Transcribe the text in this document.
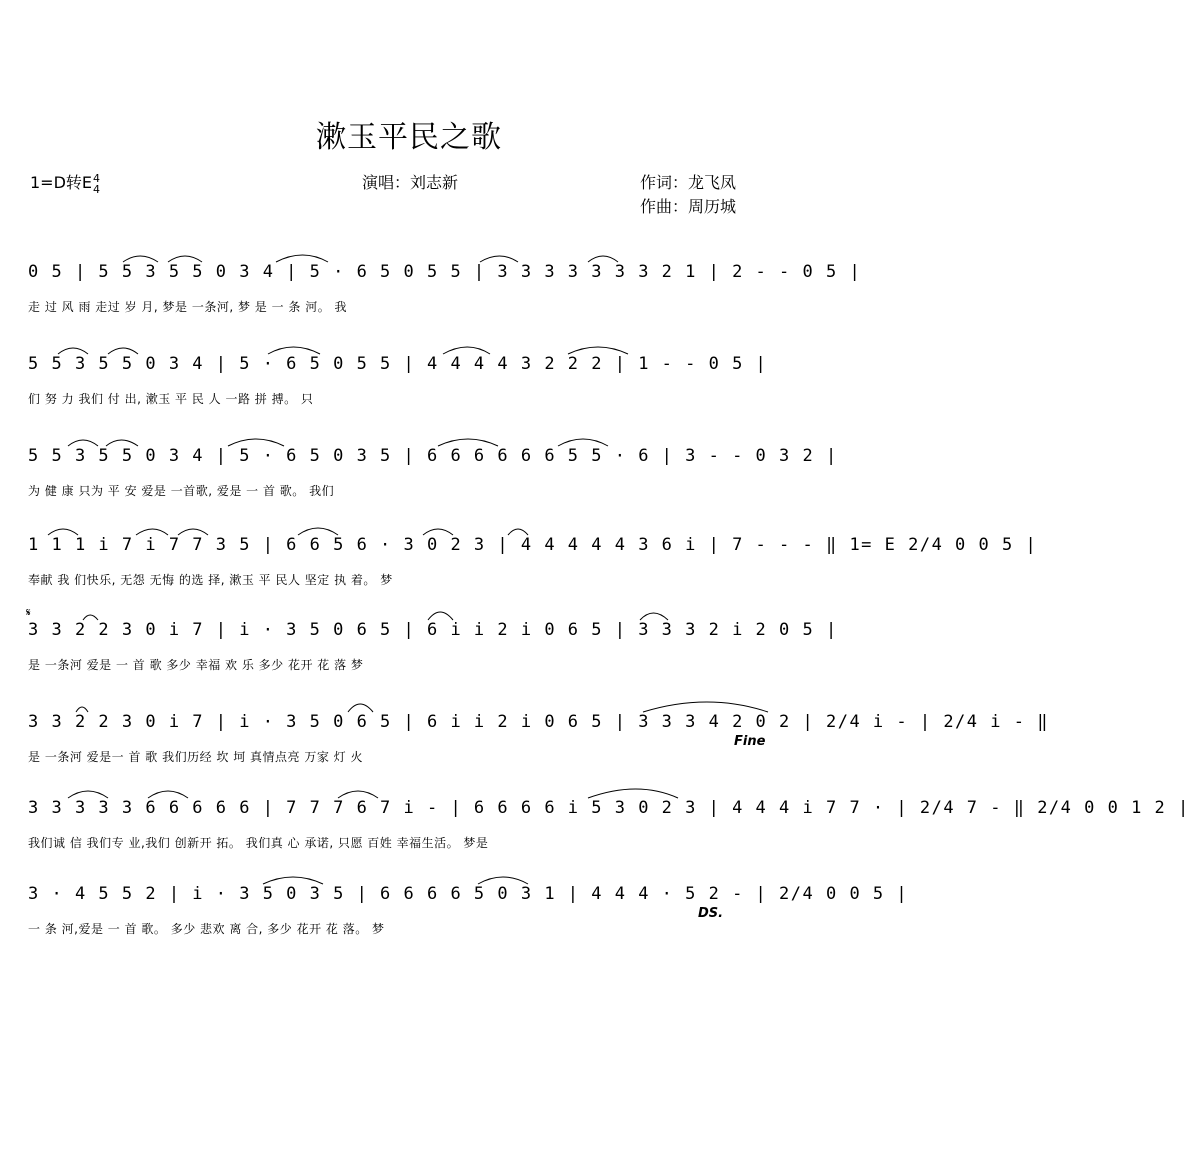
漱玉平民之歌
1=D转E 4
4	演唱：刘志新	作词：龙飞凤
作曲：周历城
0 5 | 5 5 3 5 5 0 3 4 | 5 · 6 5 0 5 5 | 3 3 3 3 3 3 3 2 1 | 2 - - 0 5 |
走 过 风 雨 走过 岁 月, 梦是 一条河, 梦 是 一 条 河。 我
5 5 3 5 5 0 3 4 | 5 · 6 5 0 5 5 | 4 4 4 4 3 2 2 2 | 1 - - 0 5 |
们 努 力 我们 付 出, 漱玉 平 民 人 一路 拼 搏。 只
5 5 3 5 5 0 3 4 | 5 · 6 5 0 3 5 | 6 6 6 6 6 6 5 5 · 6 | 3 - - 0 3 2 |
为 健 康 只为 平 安 爱是 一首歌, 爱是 一 首 歌。 我们
1 1 1 i 7 i 7 7 3 5 | 6 6 5 6 · 3 0 2 3 | 4 4 4 4 4 3 6 i | 7 - - - ‖ 1= E 2/4 0 0 5 |
奉献 我 们快乐, 无怨 无悔 的选 择, 漱玉 平 民人 坚定 执 着。 梦
𝄋
3 3 2 2 3 0 i 7 | i · 3 5 0 6 5 | 6 i i 2 i 0 6 5 | 3 3 3 2 i 2 0 5 |
是 一条河 爱是 一 首 歌 多少 幸福 欢 乐 多少 花开 花 落 梦
3 3 2 2 3 0 i 7 | i · 3 5 0 6 5 | 6 i i 2 i 0 6 5 | 3 3 3 4 2 0 2 | 2/4 i - | 2/4 i - ‖
是 一条河 爱是一 首 歌 我们历经 坎 坷 真情点亮 万家 灯 火
Fine
3 3 3 3 3 6 6 6 6 6 | 7 7 7 6 7 i - | 6 6 6 6 i 5 3 0 2 3 | 4 4 4 i 7 7 · | 2/4 7 - ‖ 2/4 0 0 1 2 |
我们诚 信 我们专 业,我们 创新开 拓。 我们真 心 承诺, 只愿 百姓 幸福生活。 梦是
3 · 4 5 5 2 | i · 3 5 0 3 5 | 6 6 6 6 5 0 3 1 | 4 4 4 · 5 2 - | 2/4 0 0 5 |
一 条 河,爱是 一 首 歌。 多少 悲欢 离 合, 多少 花开 花 落。 梦
DS.
